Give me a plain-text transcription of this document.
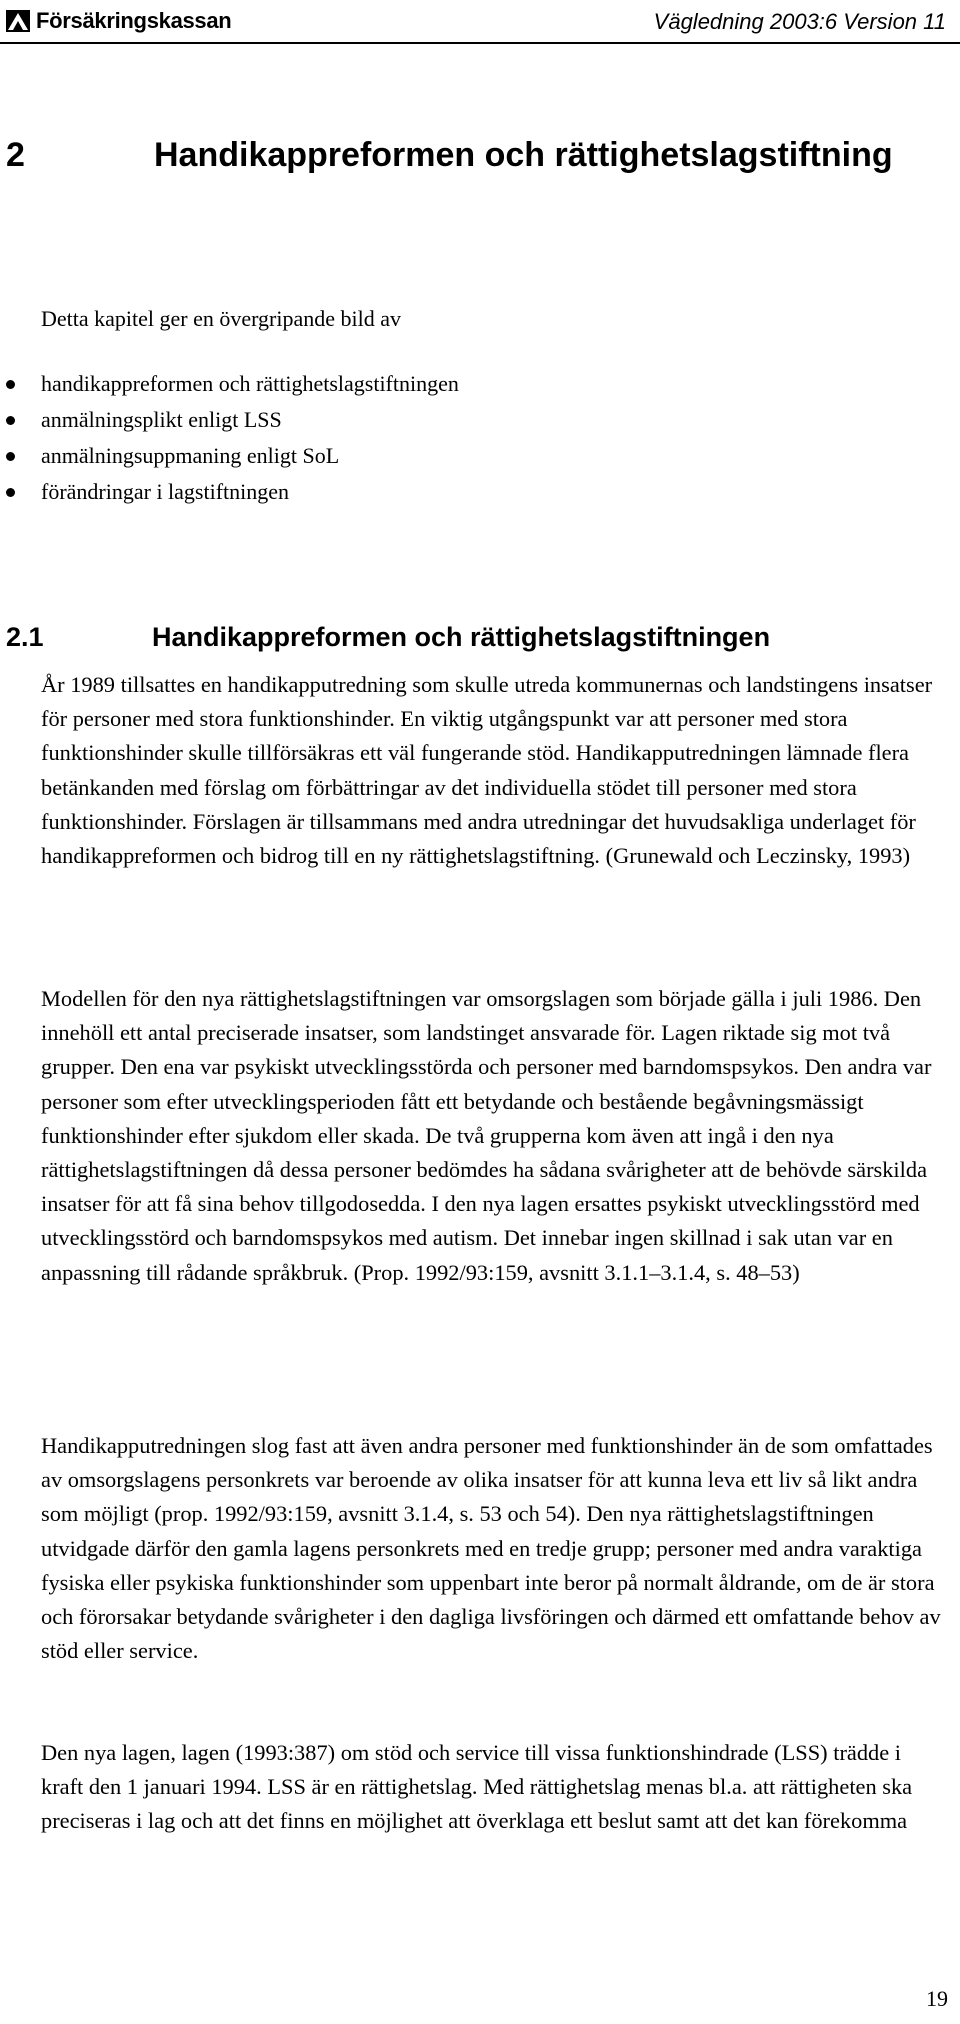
Försäkringskassan	Vägledning 2003:6 Version 11
2	Handikappreformen och rättighetslagstiftning

Detta kapitel ger en övergripande bild av

handikappreformen och rättighetslagstiftningen
anmälningsplikt enligt LSS
anmälningsuppmaning enligt SoL
förändringar i lagstiftningen
2.1	Handikappreformen och rättighetslagstiftningen

År 1989 tillsattes en handikapputredning som skulle utreda kommunernas och landstingens insatser för personer med stora funktionshinder. En viktig utgångspunkt var att personer med stora funktionshinder skulle tillförsäkras ett väl fungerande stöd. Handikapputredningen lämnade flera betänkanden med förslag om förbättringar av det individuella stödet till personer med stora funktionshinder. Förslagen är tillsammans med andra utredningar det huvudsakliga underlaget för handikappreformen och bidrog till en ny rättighetslagstiftning. (Grunewald och Leczinsky, 1993)

Modellen för den nya rättighetslagstiftningen var omsorgslagen som började gälla i juli 1986. Den innehöll ett antal preciserade insatser, som landstinget ansvarade för. Lagen riktade sig mot två grupper. Den ena var psykiskt utvecklingsstörda och personer med barndomspsykos. Den andra var personer som efter utvecklingsperioden fått ett betydande och bestående begåvningsmässigt funktionshinder efter sjukdom eller skada. De två grupperna kom även att ingå i den nya rättighetslagstiftningen då dessa personer bedömdes ha sådana svårigheter att de behövde särskilda insatser för att få sina behov tillgodosedda. I den nya lagen ersattes psykiskt utvecklingsstörd med utvecklingsstörd och barndomspsykos med autism. Det innebar ingen skillnad i sak utan var en anpassning till rådande språkbruk. (Prop. 1992/93:159, avsnitt 3.1.1–3.1.4, s. 48–53)

Handikapputredningen slog fast att även andra personer med funktionshinder än de som omfattades av omsorgslagens personkrets var beroende av olika insatser för att kunna leva ett liv så likt andra som möjligt (prop. 1992/93:159, avsnitt 3.1.4, s. 53 och 54). Den nya rättighetslagstiftningen utvidgade därför den gamla lagens personkrets med en tredje grupp; personer med andra varaktiga fysiska eller psykiska funktionshinder som uppenbart inte beror på normalt åldrande, om de är stora och förorsakar betydande svårigheter i den dagliga livsföringen och därmed ett omfattande behov av stöd eller service.

Den nya lagen, lagen (1993:387) om stöd och service till vissa funktionshindrade (LSS) trädde i kraft den 1 januari 1994. LSS är en rättighetslag. Med rättighetslag menas bl.a. att rättigheten ska preciseras i lag och att det finns en möjlighet att överklaga ett beslut samt att det kan förekomma

19
